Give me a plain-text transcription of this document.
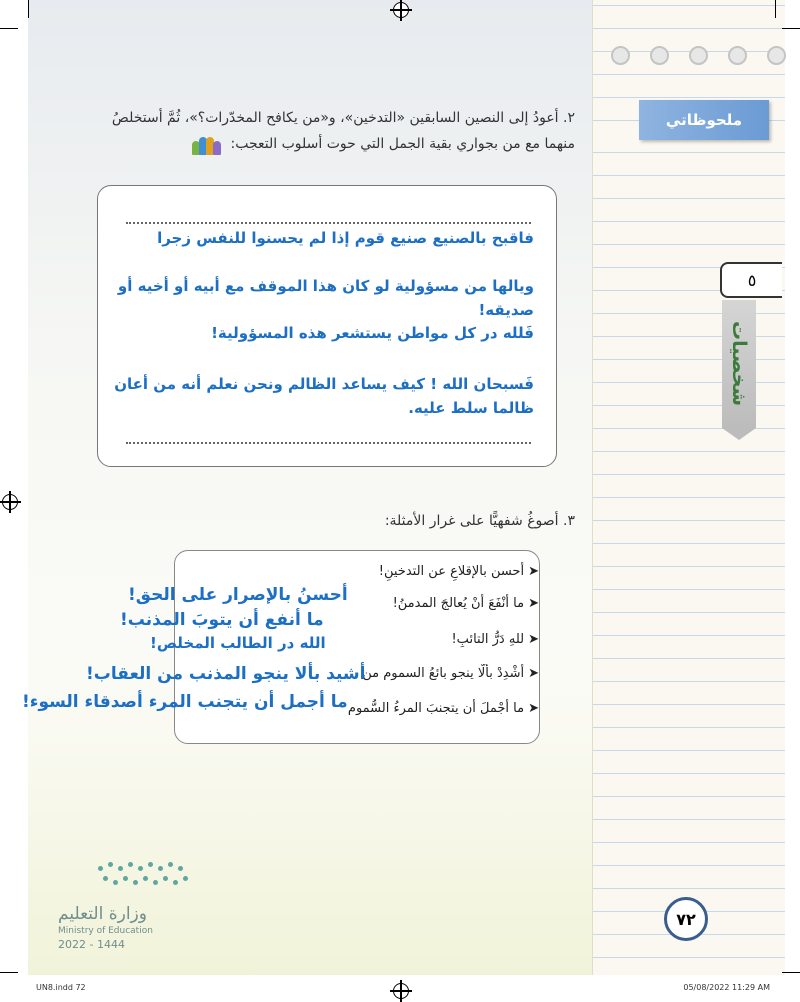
ملحوظاتي
٥
شخصيات
٢. أعودُ إلى النصين السابقين «التدخين»، و«من يكافح المخدّرات؟»، ثُمَّ أستخلصُ
منهما مع من بجواري بقية الجمل التي حوت أسلوب التعجب:
فاقبح بالصنيع صنيع قوم إذا لم يحسنوا للنفس زجرا
ويالها من مسؤولية لو كان هذا الموقف مع أبيه أو أخيه أو صديقه!
فَلله در كل مواطن يستشعر هذه المسؤولية!
فَسبحان الله ! كيف يساعد الظالم ونحن نعلم أنه من أعان ظالما سلط عليه.
٣. أصوغُ شفهيًّا على غرار الأمثلة:
➤أحسن بالإقلاعِ عن التدخينِ!
➤ما أنْفَعَ أنْ يُعالجَ المدمنُ!
➤للهِ دَرُّ التائبِ!
➤أشْدِدْ بألّا ينجو بائعُ السموم من
➤ما أجْملَ أن يتجنبَ المرءُ السُّموم
أحسنُ بالإصرار على الحق!
ما أنفع أن يتوبَ المذنب!
الله در الطالب المخلص!
أشيد بألا ينجو المذنب من العقاب!
ما أجمل أن يتجنب المرء أصدقاء السوء!
وزارة التعليم
Ministry of Education
2022 - 1444
٧٢
UN8.indd 72	05/08/2022 11:29 AM
